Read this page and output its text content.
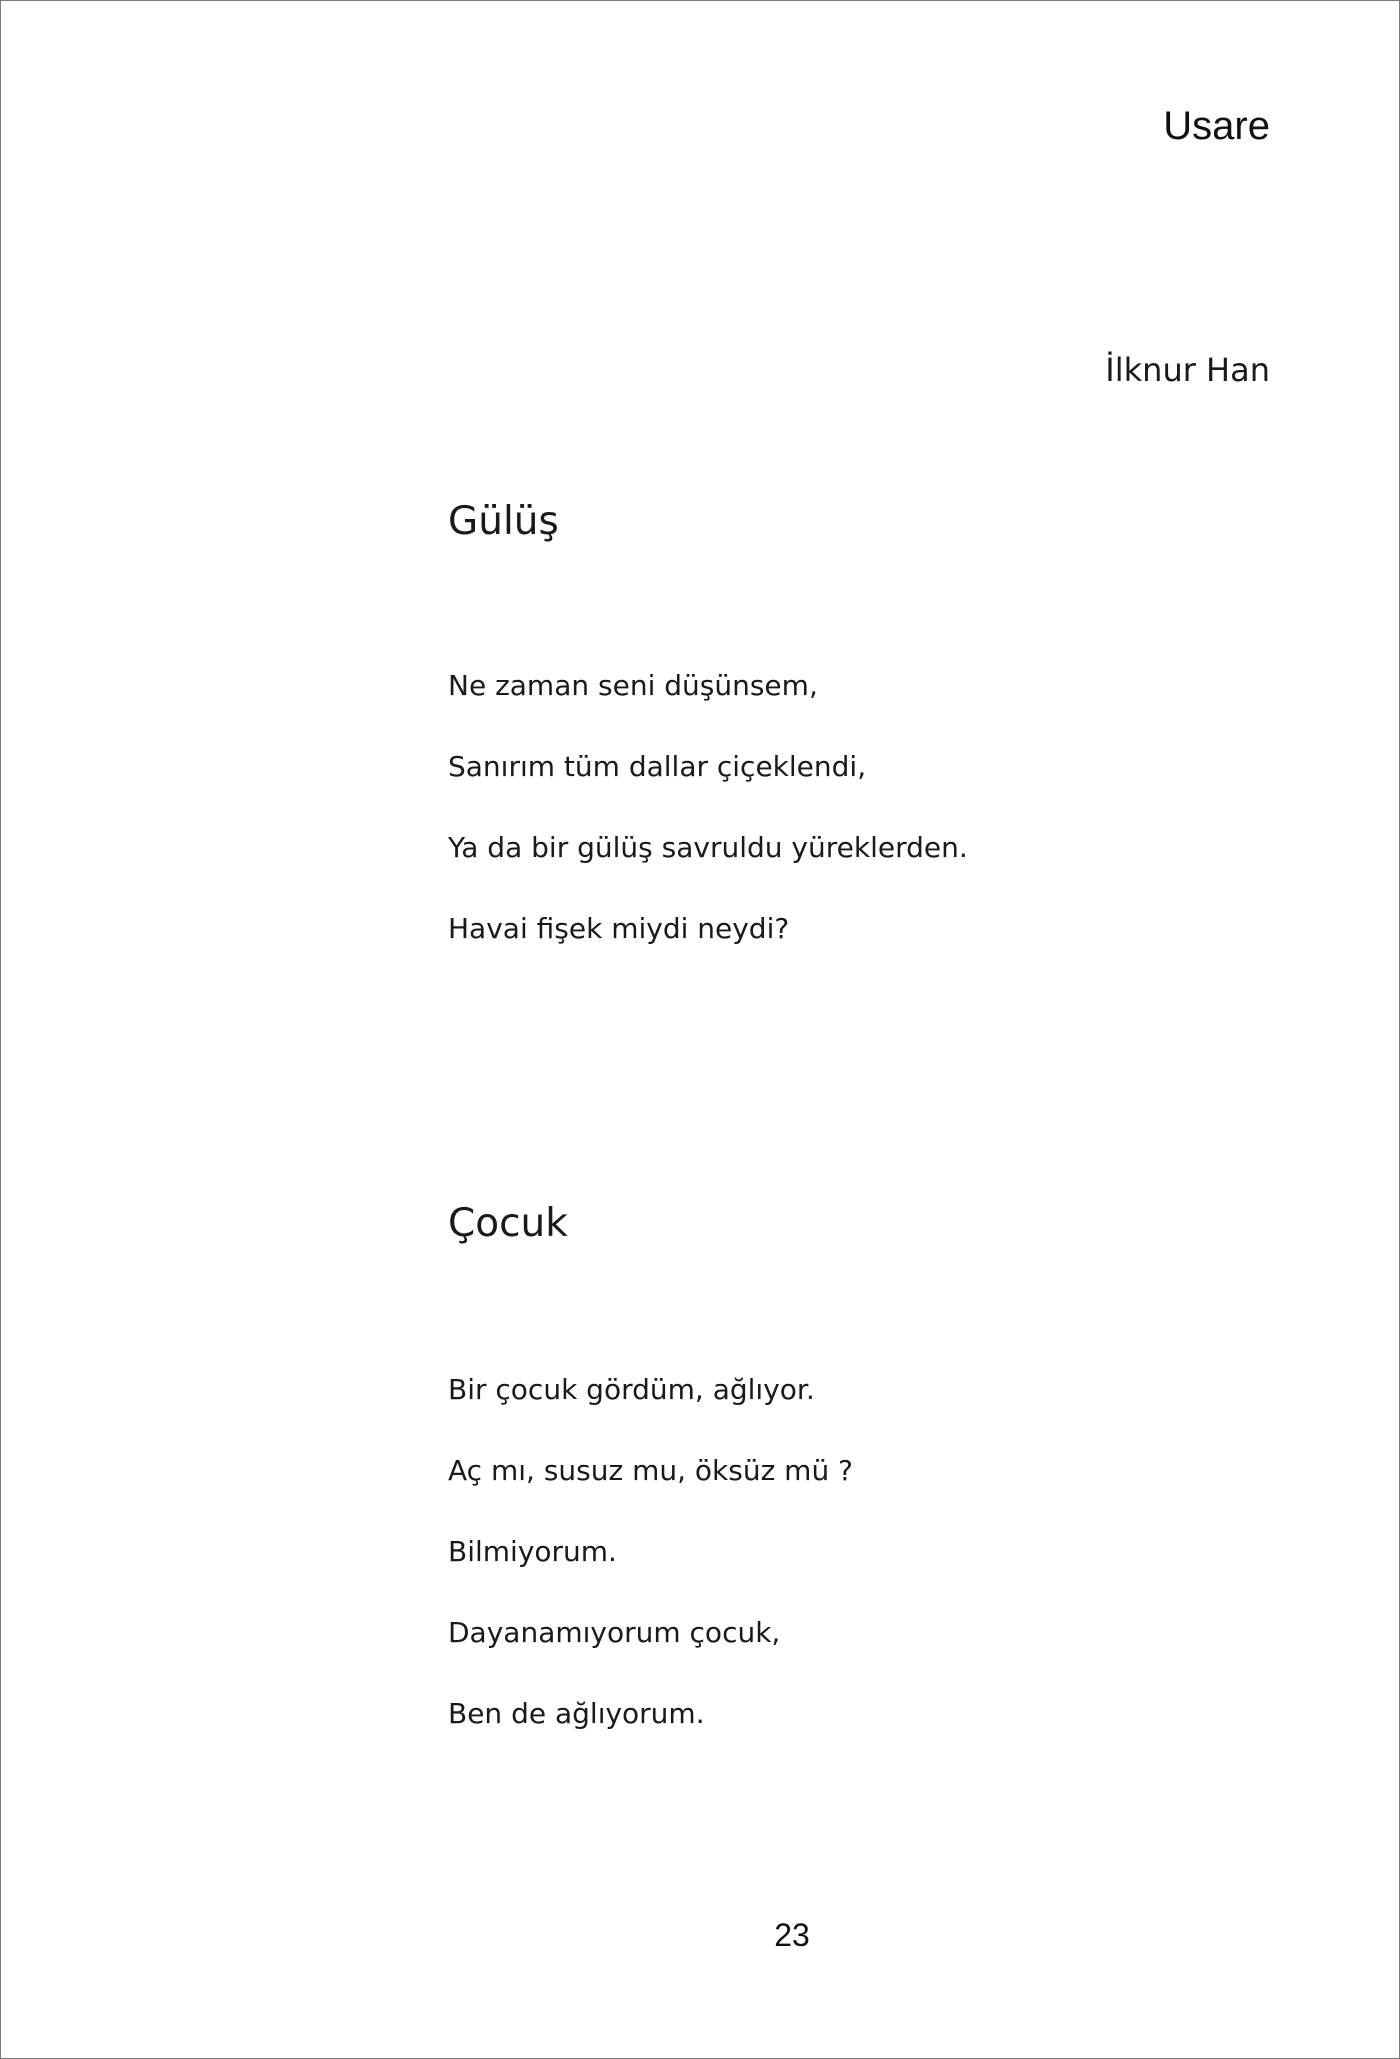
Usare
İlknur Han
Gülüş
Ne zaman seni düşünsem,
Sanırım tüm dallar çiçeklendi,
Ya da bir gülüş savruldu yüreklerden.
Havai fişek miydi neydi?
Çocuk
Bir çocuk gördüm, ağlıyor.
Aç mı, susuz mu, öksüz mü ?
Bilmiyorum.
Dayanamıyorum çocuk,
Ben de ağlıyorum.
23
